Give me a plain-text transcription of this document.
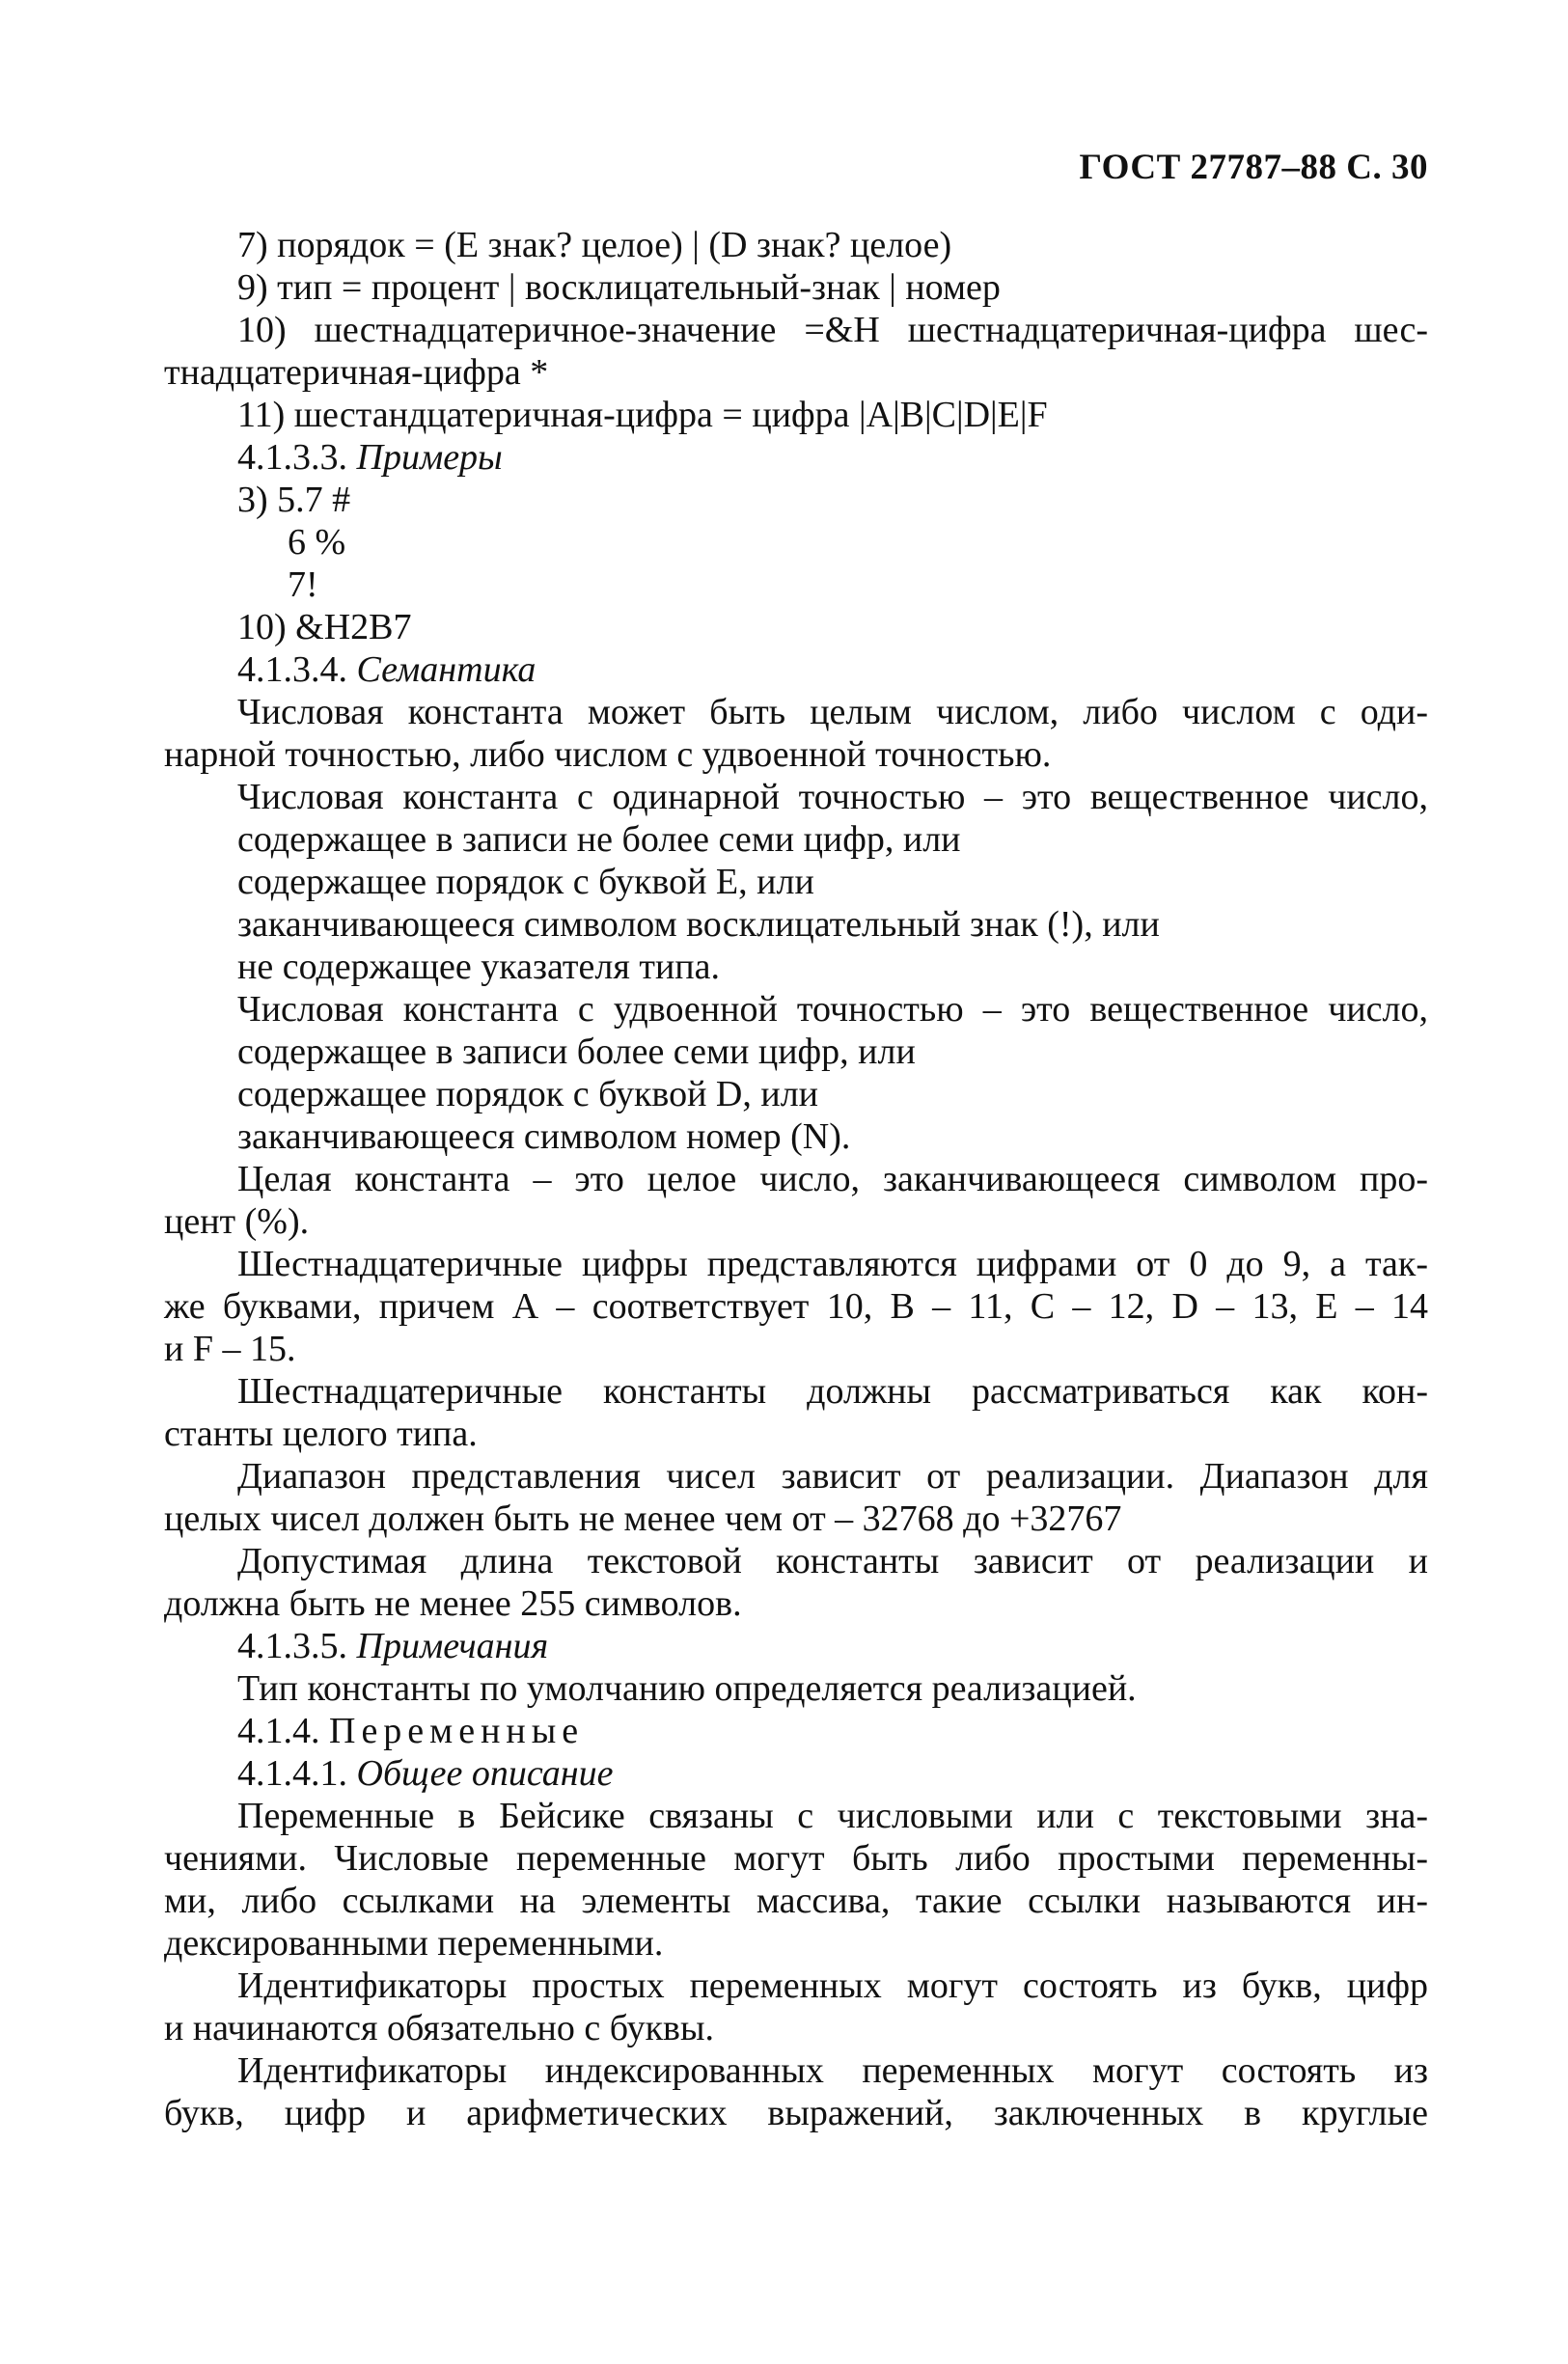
ГОСТ 27787–88 С. 30
7) порядок = (Е знак? целое) | (D знак? целое)
9) тип = процент | восклицательный-знак | номер
10) шестнадцатеричное-значение =&H шестнадцатеричная-цифра шес-
тнадцатеричная-цифра *
11) шестандцатеричная-цифра = цифра |A|B|C|D|E|F
4.1.3.3. Примеры
3) 5.7 #
6 %
7!
10) &H2B7
4.1.3.4. Семантика
Числовая константа может быть целым числом, либо числом с оди-
нарной точностью, либо числом с удвоенной точностью.
Числовая константа с одинарной точностью – это вещественное число,
содержащее в записи не более семи цифр, или
содержащее порядок с буквой Е, или
заканчивающееся символом восклицательный знак (!), или
не содержащее указателя типа.
Числовая константа с удвоенной точностью – это вещественное число,
содержащее в записи более семи цифр, или
содержащее порядок с буквой D, или
заканчивающееся символом номер (N).
Целая константа – это целое число, заканчивающееся символом про-
цент (%).
Шестнадцатеричные цифры представляются цифрами от 0 до 9, а так-
же буквами, причем А – соответствует 10, В – 11, С – 12, D – 13, Е – 14
и F – 15.
Шестнадцатеричные константы должны рассматриваться как кон-
станты целого типа.
Диапазон представления чисел зависит от реализации. Диапазон для
целых чисел должен быть не менее чем от – 32768 до +32767
Допустимая длина текстовой константы зависит от реализации и
должна быть не менее 255 символов.
4.1.3.5. Примечания
Тип константы по умолчанию определяется реализацией.
4.1.4. Переменные
4.1.4.1. Общее описание
Переменные в Бейсике связаны с числовыми или с текстовыми зна-
чениями. Числовые переменные могут быть либо простыми переменны-
ми, либо ссылками на элементы массива, такие ссылки называются ин-
дексированными переменными.
Идентификаторы простых переменных могут состоять из букв, цифр
и начинаются обязательно с буквы.
Идентификаторы индексированных переменных могут состоять из
букв, цифр и арифметических выражений, заключенных в круглые
